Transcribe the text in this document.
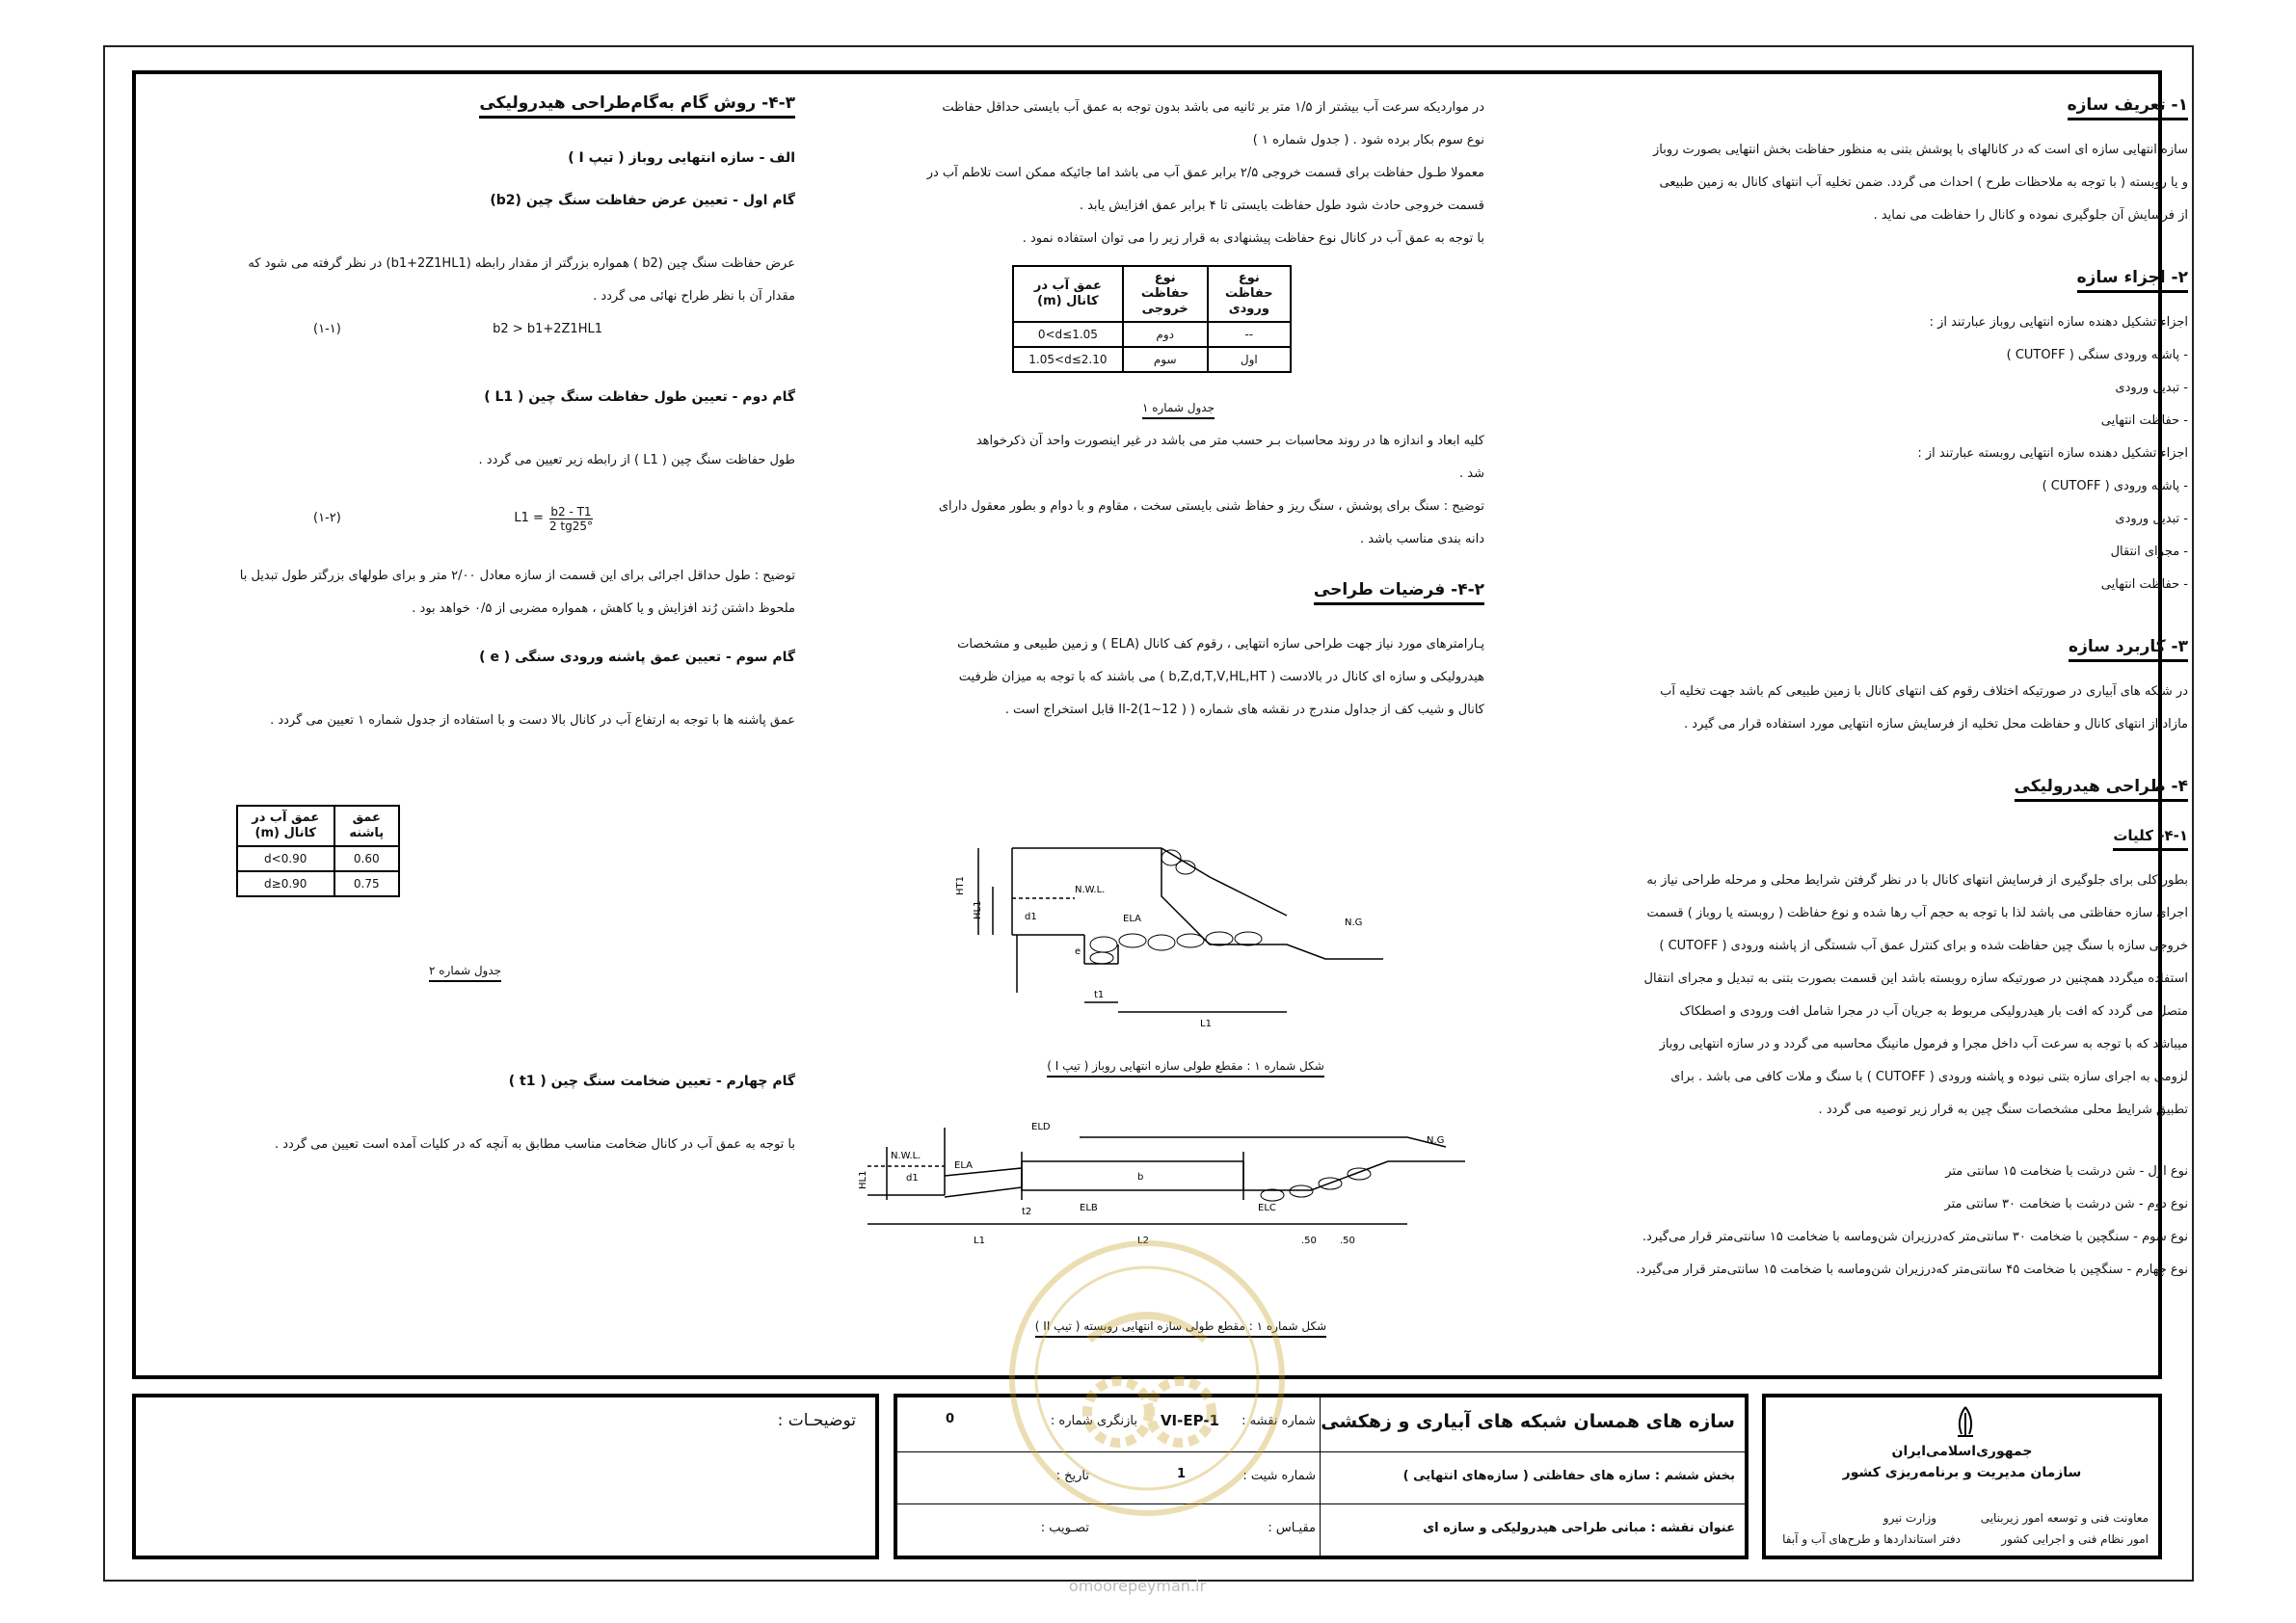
۱- تعریف سازه

سازه انتهایی سازه ای است که در کانالهای با پوشش بتنی به منظور حفاظت بخش انتهایی بصورت روباز

و یا روبسته ( با توجه به ملاحظات طرح ) احداث می گردد. ضمن تخلیه آب انتهای کانال به زمین طبیعی

از فرسایش آن جلوگیری نموده و کانال را حفاظت می نماید .

۲- اجزاء سازه

اجزاء تشکیل دهنده سازه انتهایی روباز عبارتند از :

- پاشنه ورودی سنگی ( CUTOFF )

- تبدیل ورودی

- حفاظت انتهایی

اجزاء تشکیل دهنده سازه انتهایی روبسته عبارتند از :

- پاشنه ورودی ( CUTOFF )

- تبدیل ورودی

- مجرای انتقال

- حفاظت انتهایی

۳- کاربرد سازه

در شبکه های آبیاری در صورتیکه اختلاف رقوم کف انتهای کانال با زمین طبیعی کم باشد جهت تخلیه آب

مازاد از انتهای کانال و حفاظت محل تخلیه از فرسایش سازه انتهایی مورد استفاده قرار می گیرد .

۴- طراحی هیدرولیکی
۴-۱- کلیات

بطور کلی برای جلوگیری از فرسایش انتهای کانال با در نظر گرفتن شرایط محلی و مرحله طراحی نیاز به

اجرای سازه حفاظتی می باشد لذا با توجه به حجم آب رها شده و نوع حفاظت ( روبسته یا روباز ) قسمت

خروجی سازه با سنگ چین حفاظت شده و برای کنترل عمق آب شستگی از پاشنه ورودی ( CUTOFF )

استفاده میگردد همچنین در صورتیکه سازه روبسته باشد این قسمت بصورت بتنی به تبدیل و مجرای انتقال

متصل می گردد که افت بار هیدرولیکی مربوط به جریان آب در مجرا شامل افت ورودی و اصطکاک

میباشد که با توجه به سرعت آب داخل مجرا و فرمول مانینگ محاسبه می گردد و در سازه انتهایی روباز

لزومی به اجرای سازه بتنی نبوده و پاشنه ورودی ( CUTOFF ) با سنگ و ملات کافی می باشد . برای

تطبیق شرایط محلی مشخصات سنگ چین به قرار زیر توصیه می گردد .

نوع اول - شن درشت با ضخامت ۱۵ سانتی متر

نوع دوم - شن درشت با ضخامت ۳۰ سانتی متر

نوع سوم - سنگچین با ضخامت ۳۰ سانتی‌متر که‌درزیران شن‌وماسه با ضخامت ۱۵ سانتی‌متر قرار می‌گیرد.

نوع چهارم - سنگچین با ضخامت ۴۵ سانتی‌متر که‌درزیران شن‌وماسه با ضخامت ۱۵ سانتی‌متر قرار می‌گیرد.

در مواردیکه سرعت آب بیشتر از ۱/۵ متر بر ثانیه می باشد بدون توجه به عمق آب بایستی حداقل حفاظت

نوع سوم بکار برده شود . ( جدول شماره ۱ )

معمولا طـول حفاظت برای قسمت خروجی ۲/۵ برابر عمق آب می باشد اما جائیکه ممکن است تلاطم آب در

قسمت خروجی حادث شود طول حفاظت بایستی تا ۴ برابر عمق افزایش یابد .

با توجه به عمق آب در کانال نوع حفاظت پیشنهادی به قرار زیر را می توان استفاده نمود .

نوع حفاظت ورودی	نوع حفاظت خروجی	عمق آب در کانال (m)
--	دوم	0<d≤1.05
اول	سوم	1.05<d≤2.10
جدول شماره ۱

کلیه ابعاد و اندازه ها در روند محاسبات بـر حسب متر می باشد در غیر اینصورت واحد آن ذکرخواهد

شد .

توضیح : سنگ برای پوشش ، سنگ ریز و حفاظ شنی بایستی سخت ، مقاوم و با دوام و بطور معقول دارای

دانه بندی مناسب باشد .

۴-۲- فرضیات طراحی

پـارامترهای مورد نیاز جهت طراحی سازه انتهایی ، رقوم کف کانال (ELA ) و زمین طبیعی و مشخصات

هیدرولیکی و سازه ای کانال در بالادست ( b,Z,d,T,V,HL,HT ) می باشند که با توجه به میزان ظرفیت

کانال و شیب کف از جداول مندرج در نقشه های شماره ( II-2(1~12 ) قابل استخراج است .

N.W.L.
ELA	N.G
HT1
HL1	d1
e
t1
L1
شکل شماره ۱ : مقطع طولی سازه انتهایی روباز ( تیپ I )
N.W.L.
ELA
ELD
ELB	ELC
N.G
HL1	d1
L1
t2
L2
b
.50 .50
شکل شماره ۱ : مقطع طولی سازه انتهایی روبسته ( تیپ II )
۴-۳- روش گام به‌گام‌طراحی هیدرولیکی
الف - سازه انتهایی روباز ( تیپ I )
گام اول - تعیین عرض حفاظت سنگ چین (b2)

عرض حفاظت سنگ چین (b2 ) همواره بزرگتر از مقدار رابطه (b1+2Z1HL1) در نظر گرفته می شود که

مقدار آن با نظر طراح نهائی می گردد .

(۱-۱)	b2 > b1+2Z1HL1
گام دوم - تعیین طول حفاظت سنگ چین ( L1 )

طول حفاظت سنگ چین ( L1 ) از رابطه زیر تعیین می گردد .

(۱-۲)	$L1 = \frac{b2 - T1}{2 tg25^\circ}$

توضیح : طول حداقل اجرائی برای این قسمت از سازه معادل ۲/۰۰ متر و برای طولهای بزرگتر طول تبدیل با

ملحوظ داشتن رُند افزایش و یا کاهش ، همواره مضربی از ۰/۵ خواهد بود .

گام سوم - تعیین عمق پاشنه ورودی سنگی ( e )

عمق پاشنه ها با توجه به ارتفاع آب در کانال بالا دست و با استفاده از جدول شماره ۱ تعیین می گردد .

عمق پاشنه	عمق آب در کانال (m)
0.60	d<0.90
0.75	d≥0.90
جدول شماره ۲
گام چهارم - تعیین ضخامت سنگ چین ( t1 )

با توجه به عمق آب در کانال ضخامت مناسب مطابق به آنچه که در کلیات آمده است تعیین می گردد .

توضیحـات :	سازه های همسان شبکه های آبیاری و زهکشی
شماره نقشه :
VI-EP-1
بازنگری شماره :
0
بخش ششم : سازه های حفاظتی ( سازه‌های انتهایی )
شماره شیت :
1
تاریخ :
عنوان نقشه : مبانی طراحی هیدرولیکی و سازه ای
مقیـاس :
تصـویب :
جمهوری‌اسلامی‌ایران
سازمان مدیریت و برنامه‌ریزی کشور
معاونت فنی و توسعه امور زیربنایی
امور نظام فنی و اجرایی کشور
وزارت نیرو
دفتر استانداردها و طرح‌های آب و آبفا
omoorepeyman.ir
